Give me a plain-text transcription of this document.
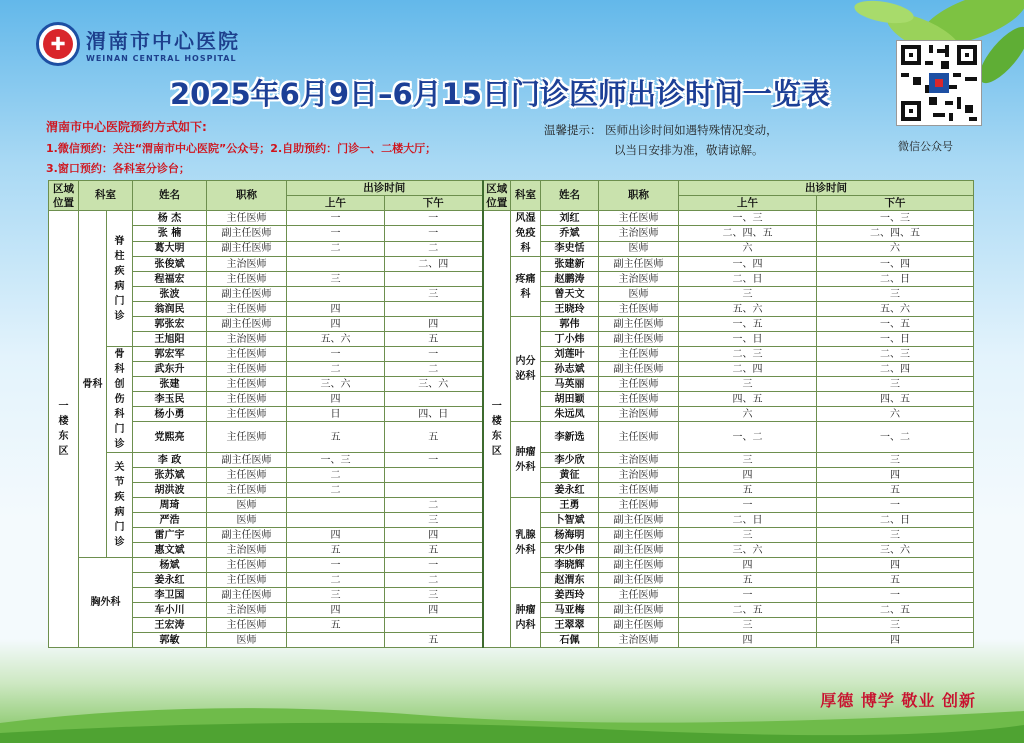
✚	渭南市中心医院
WEINAN CENTRAL HOSPITAL
2025年6月9日–6月15日门诊医师出诊时间一览表
微信公众号
渭南市中心医院预约方式如下:
1.微信预约：关注“渭南市中心医院”公众号；2.自助预约：门诊一、二楼大厅；
3.窗口预约：各科室分诊台；
温馨提示： 医师出诊时间如遇特殊情况变动，
以当日安排为准，敬请谅解。
区域位置	科室		姓名	职称	出诊时间		区域位置	科室	姓名	职称	出诊时间	
					上午	下午					上午	下午
一楼东区	骨科	脊柱疾病门诊	杨 杰	主任医师	一	一	一楼东区	风湿免疫科	刘红	主任医师	一、三	一、三
			张 楠	副主任医师	一	一			乔斌	主治医师	二、四、五	二、四、五
			葛大明	副主任医师	二	二			李史恬	医师	六	六
			张俊斌	主治医师		二、四		疼痛科	张建新	副主任医师	一、四	一、四
			程福宏	主任医师	三				赵鹏涛	主治医师	二、日	二、日
			张波	副主任医师		三			曾天文	医师	三	三
			翁润民	主任医师	四				王晓玲	主任医师	五、六	五、六
			郭张宏	副主任医师	四	四		内分泌科	郭伟	副主任医师	一、五	一、五
			王旭阳	主治医师	五、六	五			丁小炜	副主任医师	一、日	一、日
		骨科创伤科门诊	郭宏军	主任医师	一	一			刘莲叶	主任医师	二、三	二、三
			武东升	主任医师	二	二			孙志斌	副主任医师	二、四	二、四
			张建	主任医师	三、六	三、六			马英丽	主任医师	三	三
			李玉民	主任医师	四				胡田颖	主任医师	四、五	四、五
			杨小勇	主任医师	日	四、日			朱远凤	主治医师	六	六
			党熙亮	主任医师	五	五		肿瘤外科	李新选	主任医师	一、二	一、二
		关节疾病门诊	李 政	副主任医师	一、三	一			李少欣	主治医师	三	三
			张苏斌	主任医师	二				黄征	主治医师	四	四
			胡洪波	主任医师	二				姜永红	主任医师	五	五
			周琦	医师		二		乳腺外科	王勇	主任医师	一	一
			严浩	医师		三			卜智斌	副主任医师	二、日	二、日
			雷广宇	副主任医师	四	四			杨海明	副主任医师	三	三
			惠文斌	主治医师	五	五			宋少伟	副主任医师	三、六	三、六
	胸外科		杨斌	主任医师	一	一			李晓辉	副主任医师	四	四
			姜永红	主任医师	二	二			赵渭东	副主任医师	五	五
			李卫国	副主任医师	三	三		肿瘤内科	姜西玲	主任医师	一	一
			车小川	主治医师	四	四			马亚梅	副主任医师	二、五	二、五
			王宏涛	主任医师	五				王翠翠	副主任医师	三	三
			郭敏	医师		五			石佩	主治医师	四	四
厚德 博学 敬业 创新
